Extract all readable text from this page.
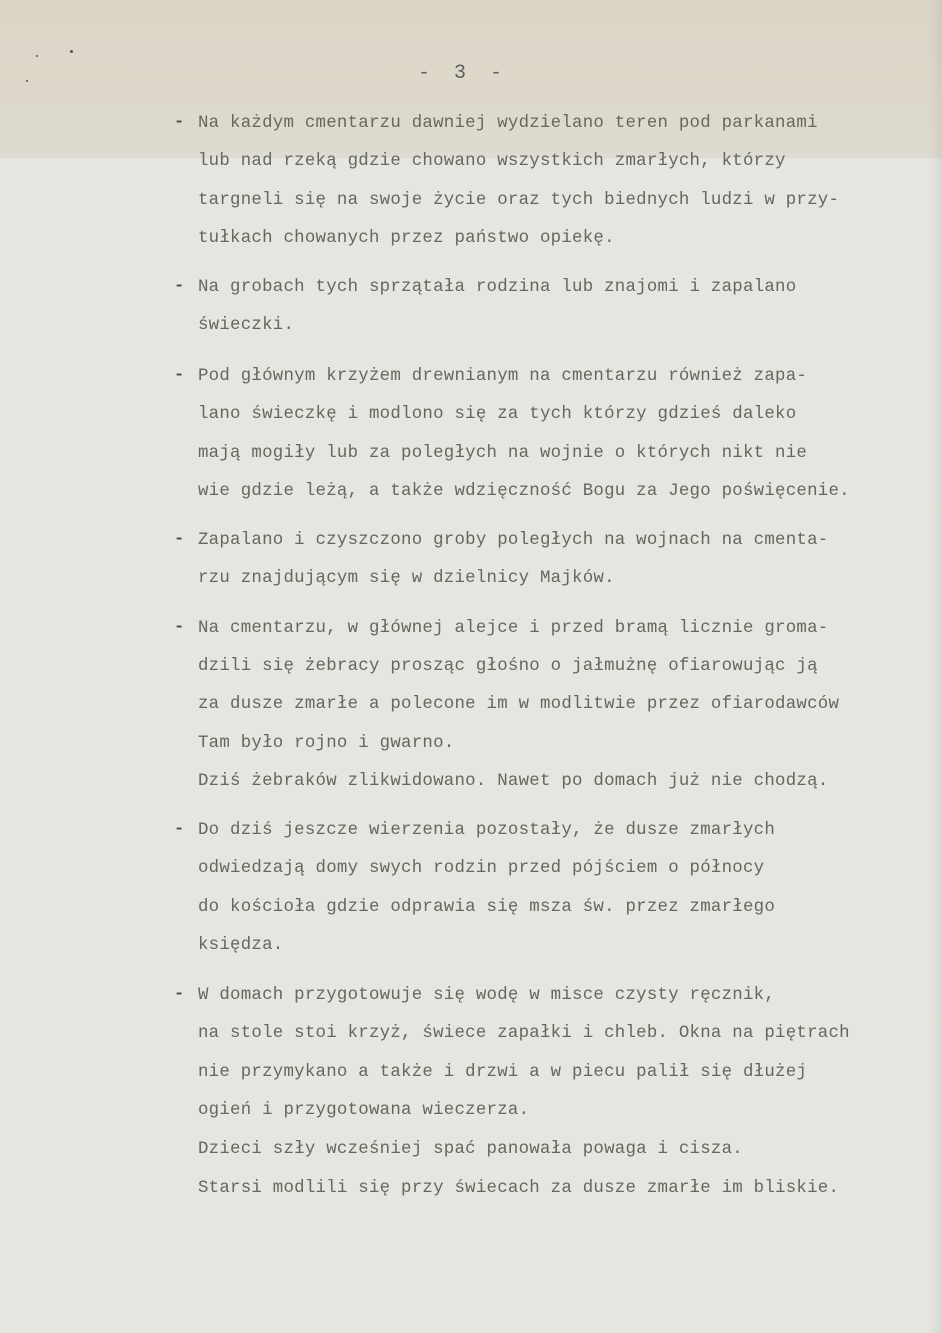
- 3 -
- Na każdym cmentarzu dawniej wydzielano teren pod parkanami
lub nad rzeką gdzie chowano wszystkich zmarłych, którzy
targneli się na swoje życie oraz tych biednych ludzi w przy-
tułkach chowanych przez państwo opiekę.
- Na grobach tych sprzątała rodzina lub znajomi i zapalano
świeczki.
- Pod głównym krzyżem drewnianym na cmentarzu również zapa-
lano świeczkę i modlono się za tych którzy gdzieś daleko
mają mogiły lub za poległych na wojnie o których nikt nie
wie gdzie leżą, a także wdzięczność Bogu za Jego poświęcenie.
- Zapalano i czyszczono groby poległych na wojnach na cmenta-
rzu znajdującym się w dzielnicy Majków.
- Na cmentarzu, w głównej alejce i przed bramą licznie groma-
dzili się żebracy prosząc głośno o jałmużnę ofiarowując ją
za dusze zmarłe a polecone im w modlitwie przez ofiarodawców
Tam było rojno i gwarno.
Dziś żebraków zlikwidowano. Nawet po domach już nie chodzą.
- Do dziś jeszcze wierzenia pozostały, że dusze zmarłych
odwiedzają domy swych rodzin przed pójściem o północy
do kościoła gdzie odprawia się msza św. przez zmarłego
księdza.
- W domach przygotowuje się wodę w misce czysty ręcznik,
na stole stoi krzyż, świece zapałki i chleb. Okna na piętrach
nie przymykano a także i drzwi a w piecu palił się dłużej
ogień i przygotowana wieczerza.
Dzieci szły wcześniej spać panowała powaga i cisza.
Starsi modlili się przy świecach za dusze zmarłe im bliskie.
